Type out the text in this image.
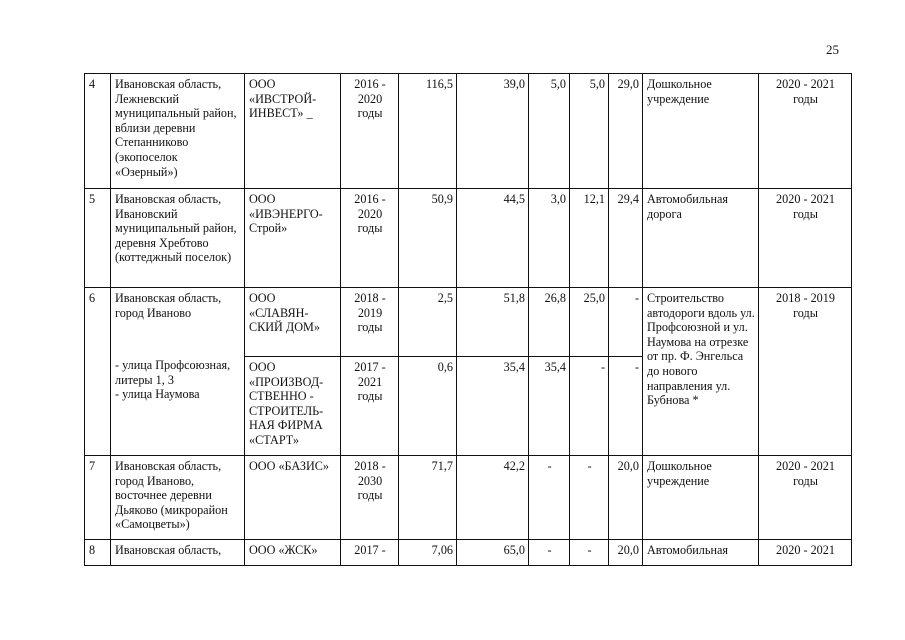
25
4	Ивановская область, Лежневский муниципальный район, вблизи деревни Степанниково (экопоселок «Озерный»)	ООО «ИВСТРОЙ-ИНВЕСТ» _	2016 - 2020 годы	116,5	39,0	5,0	5,0	29,0	Дошкольное учреждение	2020 - 2021 годы
5	Ивановская область, Ивановский муниципальный район, деревня Хребтово (коттеджный поселок)	ООО «ИВЭНЕРГО-Строй»	2016 - 2020 годы	50,9	44,5	3,0	12,1	29,4	Автомобильная дорога	2020 - 2021 годы
6	Ивановская область, город Иваново
- улица Профсоюзная, литеры 1, 3
- улица Наумова	ООО «СЛАВЯН-СКИЙ ДОМ»	2018 - 2019 годы	2,5	51,8	26,8	25,0	-	Строительство автодороги вдоль ул. Профсоюзной и ул. Наумова на отрезке от пр. Ф. Энгельса до нового направления ул. Бубнова *	2018 - 2019 годы
		ООО «ПРОИЗВОД-СТВЕННО - СТРОИТЕЛЬ-НАЯ ФИРМА «СТАРТ»	2017 - 2021 годы	0,6	35,4	35,4	-	-		
7	Ивановская область, город Иваново, восточнее деревни Дьяково (микрорайон «Самоцветы»)	ООО «БАЗИС»	2018 - 2030 годы	71,7	42,2	-	-	20,0	Дошкольное учреждение	2020 - 2021 годы
8	Ивановская область,	ООО «ЖСК»	2017 -	7,06	65,0	-	-	20,0	Автомобильная	2020 - 2021
